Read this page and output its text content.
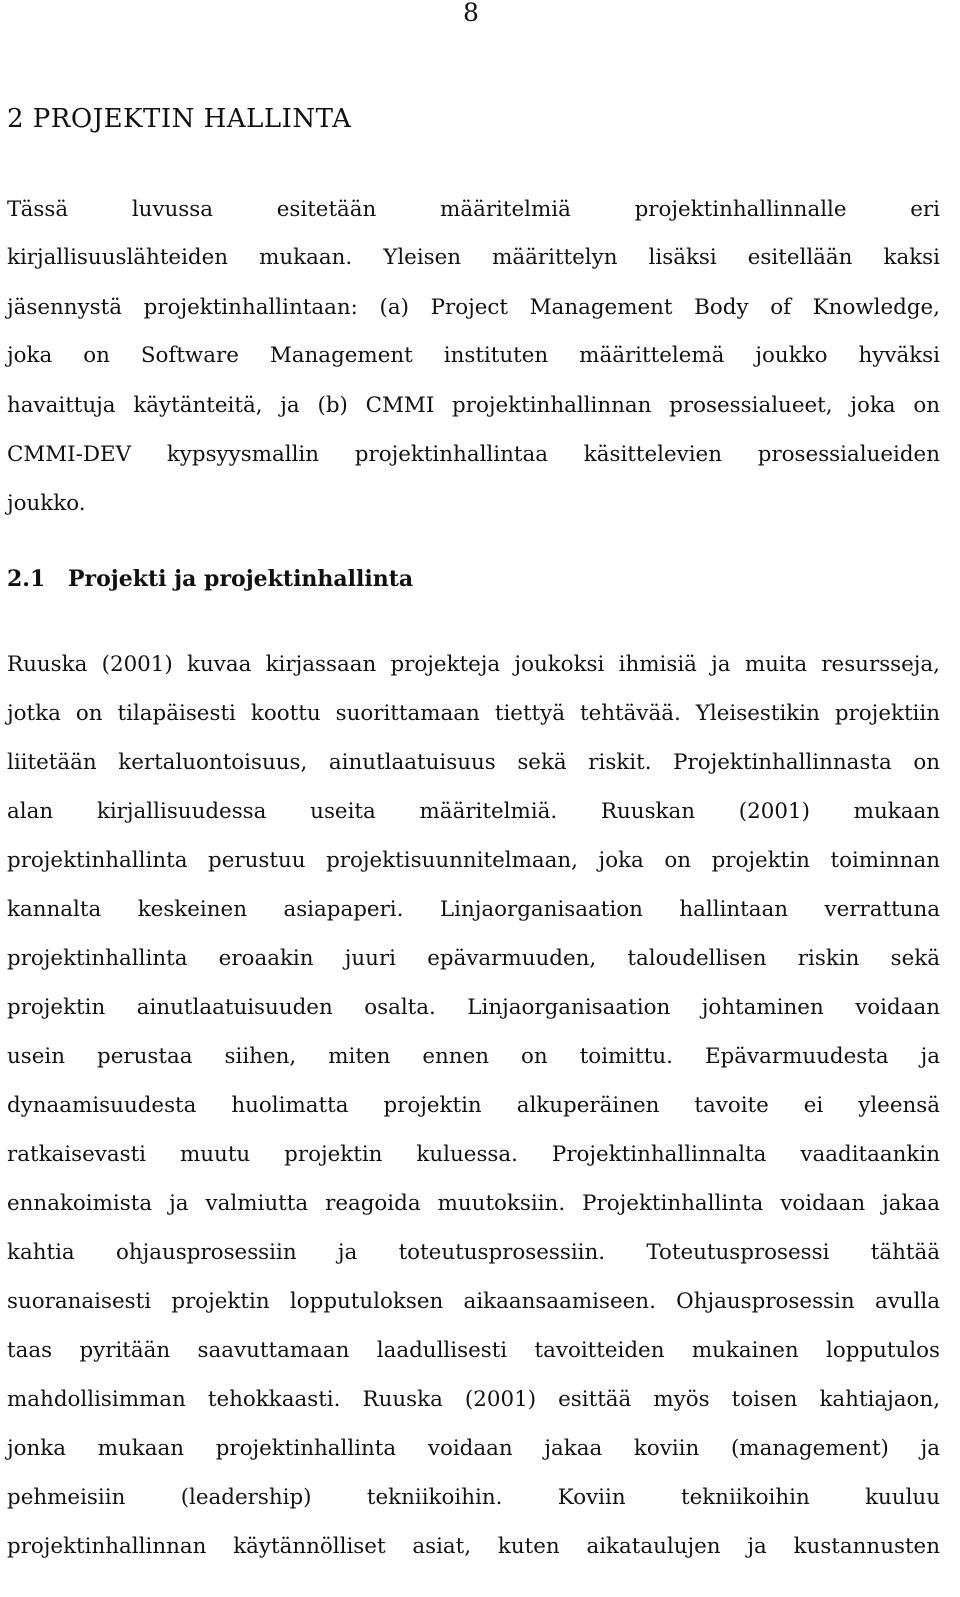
8
2 PROJEKTIN HALLINTA

Tässä luvussa esitetään määritelmiä projektinhallinnalle eri

kirjallisuuslähteiden mukaan. Yleisen määrittelyn lisäksi esitellään kaksi

jäsennystä projektinhallintaan: (a) Project Management Body of Knowledge,

joka on Software Management instituten määrittelemä joukko hyväksi

havaittuja käytänteitä, ja (b) CMMI projektinhallinnan prosessialueet, joka on

CMMI-DEV kypsyysmallin projektinhallintaa käsittelevien prosessialueiden

joukko.

2.1 Projekti ja projektinhallinta

Ruuska (2001) kuvaa kirjassaan projekteja joukoksi ihmisiä ja muita resursseja,

jotka on tilapäisesti koottu suorittamaan tiettyä tehtävää. Yleisestikin projektiin

liitetään kertaluontoisuus, ainutlaatuisuus sekä riskit. Projektinhallinnasta on

alan kirjallisuudessa useita määritelmiä. Ruuskan (2001) mukaan

projektinhallinta perustuu projektisuunnitelmaan, joka on projektin toiminnan

kannalta keskeinen asiapaperi. Linjaorganisaation hallintaan verrattuna

projektinhallinta eroaakin juuri epävarmuuden, taloudellisen riskin sekä

projektin ainutlaatuisuuden osalta. Linjaorganisaation johtaminen voidaan

usein perustaa siihen, miten ennen on toimittu. Epävarmuudesta ja

dynaamisuudesta huolimatta projektin alkuperäinen tavoite ei yleensä

ratkaisevasti muutu projektin kuluessa. Projektinhallinnalta vaaditaankin

ennakoimista ja valmiutta reagoida muutoksiin. Projektinhallinta voidaan jakaa

kahtia ohjausprosessiin ja toteutusprosessiin. Toteutusprosessi tähtää

suoranaisesti projektin lopputuloksen aikaansaamiseen. Ohjausprosessin avulla

taas pyritään saavuttamaan laadullisesti tavoitteiden mukainen lopputulos

mahdollisimman tehokkaasti. Ruuska (2001) esittää myös toisen kahtiajaon,

jonka mukaan projektinhallinta voidaan jakaa koviin (management) ja

pehmeisiin (leadership) tekniikoihin. Koviin tekniikoihin kuuluu

projektinhallinnan käytännölliset asiat, kuten aikataulujen ja kustannusten
